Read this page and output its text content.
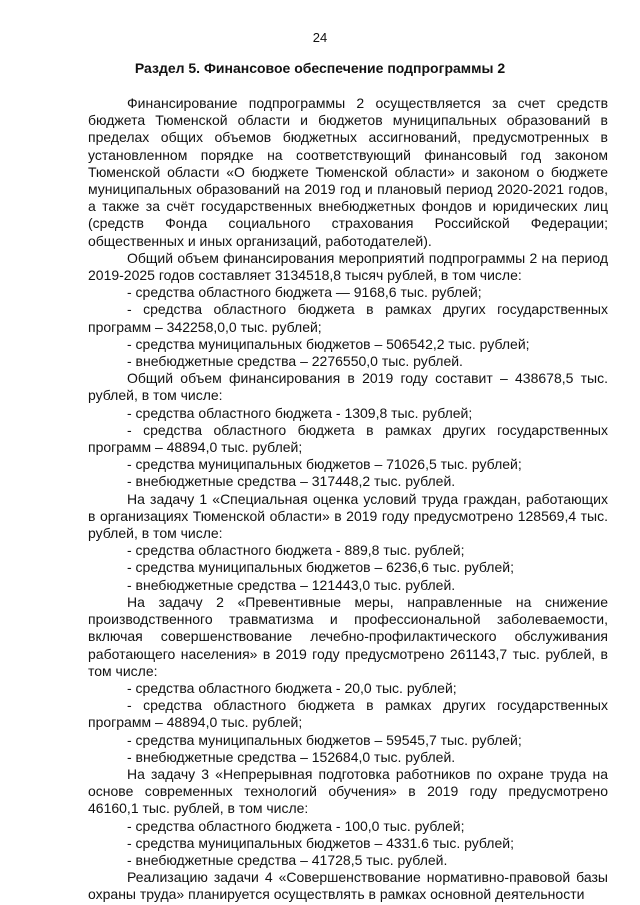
24
Раздел 5. Финансовое обеспечение подпрограммы 2

Финансирование подпрограммы 2 осуществляется за счет средств бюджета Тюменской области и бюджетов муниципальных образований в пределах общих объемов бюджетных ассигнований, предусмотренных в установленном порядке на соответствующий финансовый год законом Тюменской области «О бюджете Тюменской области» и законом о бюджете муниципальных образований на 2019 год и плановый период 2020-2021 годов, а также за счёт государственных внебюджетных фондов и юридических лиц (средств Фонда социального страхования Российской Федерации; общественных и иных организаций, работодателей).

Общий объем финансирования мероприятий подпрограммы 2 на период 2019-2025 годов составляет 3134518,8 тысяч рублей, в том числе:

- средства областного бюджета — 9168,6 тыс. рублей;

- средства областного бюджета в рамках других государственных программ – 342258,0,0 тыс. рублей;

- средства муниципальных бюджетов – 506542,2 тыс. рублей;

- внебюджетные средства – 2276550,0 тыс. рублей.

Общий объем финансирования в 2019 году составит – 438678,5 тыс. рублей, в том числе:

- средства областного бюджета - 1309,8 тыс. рублей;

- средства областного бюджета в рамках других государственных программ – 48894,0 тыс. рублей;

- средства муниципальных бюджетов – 71026,5 тыс. рублей;

- внебюджетные средства – 317448,2 тыс. рублей.

На задачу 1 «Специальная оценка условий труда граждан, работающих в организациях Тюменской области» в 2019 году предусмотрено 128569,4 тыс. рублей, в том числе:

- средства областного бюджета - 889,8 тыс. рублей;

- средства муниципальных бюджетов – 6236,6 тыс. рублей;

- внебюджетные средства – 121443,0 тыс. рублей.

На задачу 2 «Превентивные меры, направленные на снижение производственного травматизма и профессиональной заболеваемости, включая совершенствование лечебно-профилактического обслуживания работающего населения» в 2019 году предусмотрено 261143,7 тыс. рублей, в том числе:

- средства областного бюджета - 20,0 тыс. рублей;

- средства областного бюджета в рамках других государственных программ – 48894,0 тыс. рублей;

- средства муниципальных бюджетов – 59545,7 тыс. рублей;

- внебюджетные средства – 152684,0 тыс. рублей.

На задачу 3 «Непрерывная подготовка работников по охране труда на основе современных технологий обучения» в 2019 году предусмотрено 46160,1 тыс. рублей, в том числе:

- средства областного бюджета - 100,0 тыс. рублей;

- средства муниципальных бюджетов – 4331.6 тыс. рублей;

- внебюджетные средства – 41728,5 тыс. рублей.

Реализацию задачи 4 «Совершенствование нормативно-правовой базы охраны труда» планируется осуществлять в рамках основной деятельности
